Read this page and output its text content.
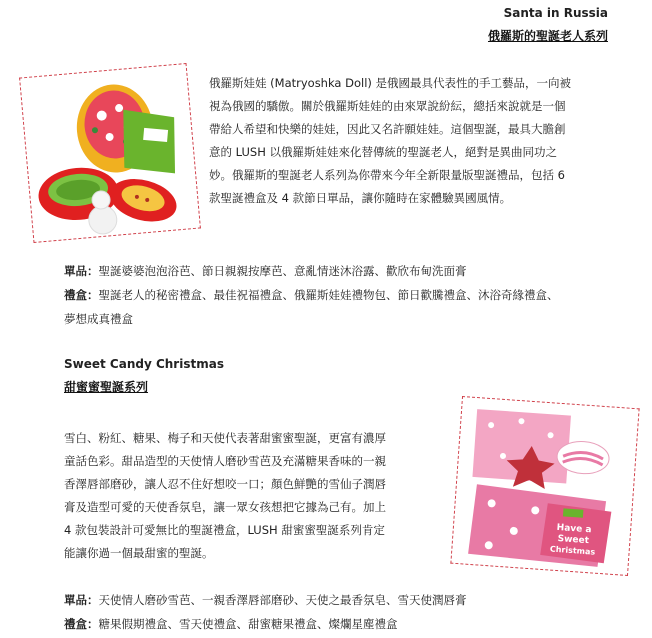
Santa in Russia
俄羅斯的聖誕老人系列

俄羅斯娃娃 (Matryoshka Doll) 是俄國最具代表性的手工藝品，一向被

視為俄國的驕傲。關於俄羅斯娃娃的由來眾說紛紜，總括來說就是一個

帶給人希望和快樂的娃娃，因此又名許願娃娃。這個聖誕，最具大膽創

意的 LUSH 以俄羅斯娃娃來化替傳統的聖誕老人，絕對是異曲同功之

妙。俄羅斯的聖誕老人系列為你帶來今年全新限量版聖誕禮品，包括 6

款聖誕禮盒及 4 款節日單品，讓你隨時在家體驗異國風情。

單品：聖誕婆婆泡泡浴芭、節日親親按摩芭、意亂情迷沐浴露、歡欣布甸洗面膏
禮盒：聖誕老人的秘密禮盒、最佳祝福禮盒、俄羅斯娃娃禮物包、節日歡騰禮盒、沐浴奇緣禮盒、
夢想成真禮盒
Sweet Candy Christmas
甜蜜蜜聖誕系列

雪白、粉紅、糖果、梅子和天使代表著甜蜜蜜聖誕，更富有濃厚

童話色彩。甜品造型的天使情人磨砂雪芭及充滿糖果香味的一親

香澤唇部磨砂，讓人忍不住好想咬一口；顏色鮮艷的雪仙子潤唇

膏及造型可愛的天使香氛皂，讓一眾女孩想把它據為己有。加上

4 款包裝設計可愛無比的聖誕禮盒，LUSH 甜蜜蜜聖誕系列肯定

能讓你過一個最甜蜜的聖誕。

Have a
Sweet
Christmas
單品：天使情人磨砂雪芭、一親香澤唇部磨砂、天使之最香氛皂、雪天使潤唇膏
禮盒：糖果假期禮盒、雪天使禮盒、甜蜜糖果禮盒、燦爛星塵禮盒
